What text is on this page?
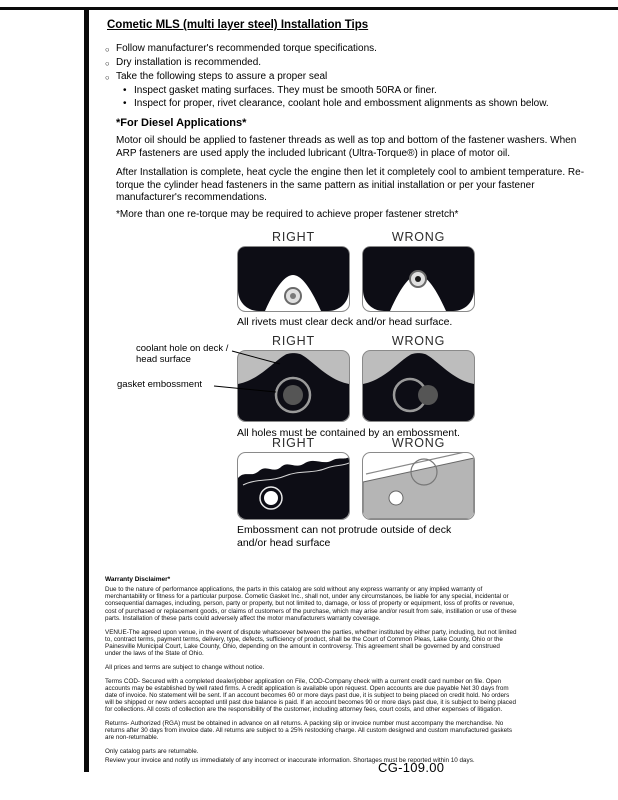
Cometic MLS (multi layer steel) Installation Tips
○ Follow manufacturer's recommended torque specifications.
○ Dry installation is recommended.
○ Take the following steps to assure a proper seal
• Inspect gasket mating surfaces. They must be smooth 50RA or finer.
• Inspect for proper, rivet clearance, coolant hole and embossment alignments as shown below.
*For Diesel Applications*
Motor oil should be applied to fastener threads as well as top and bottom of the fastener washers. When ARP fasteners are used apply the included lubricant (Ultra-Torque®) in place of motor oil.
After Installation is complete, heat cycle the engine then let it completely cool to ambient temperature. Re-torque the cylinder head fasteners in the same pattern as initial installation or per your fastener manufacturer's recommendations.
*More than one re-torque may be required to achieve proper fastener stretch*
RIGHT	WRONG
All rivets must clear deck and/or head surface.
RIGHT	WRONG
coolant hole on deck / head surface
gasket embossment
All holes must be contained by an embossment.
RIGHT	WRONG
Embossment can not protrude outside of deck and/or head surface
Warranty Disclaimer*

Due to the nature of performance applications, the parts in this catalog are sold without any express warranty or any implied warranty of merchantability or fitness for a particular purpose. Cometic Gasket Inc., shall not, under any circumstances, be liable for any special, incidental or consequential damages, including, person, party or property, but not limited to, damage, or loss of property or equipment, loss of profits or revenue, cost of purchased or replacement goods, or claims of customers of the purchase, which may arise and/or result from sale, instillation or use of these parts. Installation of these parts could adversely affect the motor manufacturers warranty coverage.

VENUE-The agreed upon venue, in the event of dispute whatsoever between the parties, whether instituted by either party, including, but not limited to, contract terms, payment terms, delivery, type, defects, sufficiency of product, shall be the Court of Common Pleas, Lake County, Ohio or the Painesville Municipal Court, Lake County, Ohio, depending on the amount in controversy. This agreement shall be governed by and construed under the laws of the State of Ohio.

All prices and terms are subject to change without notice.

Terms COD- Secured with a completed dealer/jobber application on File, COD-Company check with a current credit card number on file. Open accounts may be established by well rated firms. A credit application is available upon request. Open accounts are due payable Net 30 days from date of invoice. No statement will be sent. If an account becomes 60 or more days past due, it is subject to being placed on credit hold. No orders will be shipped or new orders accepted until past due balance is paid. If an account becomes 90 or more days past due, it is subject to being placed for collections. All costs of collection are the responsibility of the customer, including attorney fees, court costs, and other expenses of litigation.

Returns- Authorized (RGA) must be obtained in advance on all returns. A packing slip or invoice number must accompany the merchandise. No returns after 30 days from invoice date. All returns are subject to a 25% restocking charge. All custom designed and custom manufactured gaskets are non-returnable.

Only catalog parts are returnable.

Review your invoice and notify us immediately of any incorrect or inaccurate information. Shortages must be reported within 10 days.

CG-109.00
